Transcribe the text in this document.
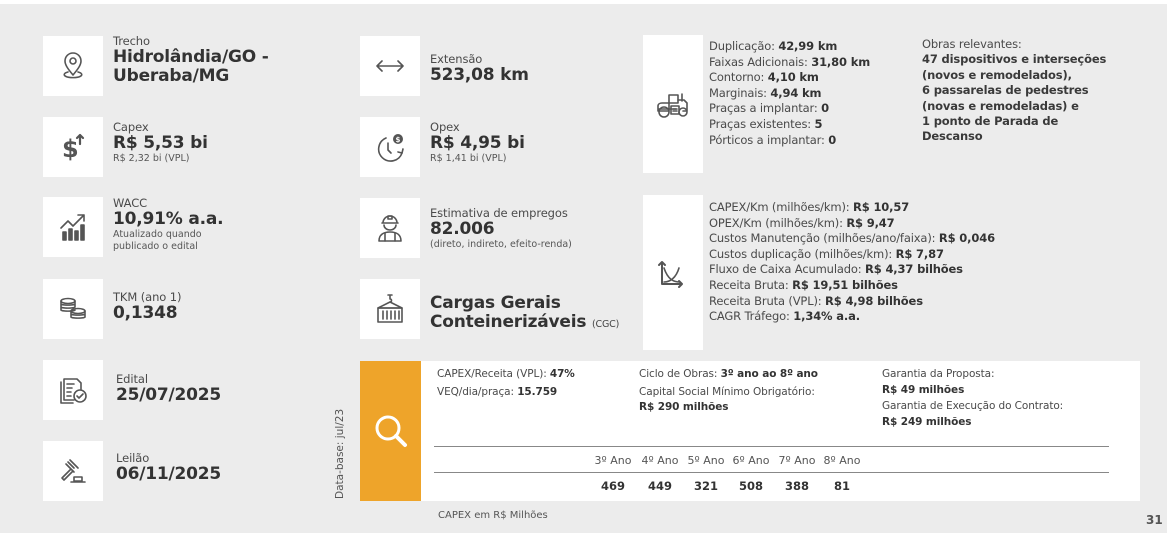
Trecho
Hidrolândia/GO -
Uberaba/MG
$
Capex
R$ 5,53 bi
R$ 2,32 bi (VPL)
WACC
10,91% a.a.
Atualizado quando
publicado o edital
TKM (ano 1)
0,1348
Edital
25/07/2025
Leilão
06/11/2025
Extensão
523,08 km
$
Opex
R$ 4,95 bi
R$ 1,41 bi (VPL)
Estimativa de empregos
82.006
(direto, indireto, efeito-renda)
Cargas Gerais
Conteinerizáveis (CGC)
Duplicação: 42,99 km
Faixas Adicionais: 31,80 km
Contorno: 4,10 km
Marginais: 4,94 km
Praças a implantar: 0
Praças existentes: 5
Pórticos a implantar: 0
Obras relevantes:
47 dispositivos e interseções
(novos e remodelados),
6 passarelas de pedestres
(novas e remodeladas) e
1 ponto de Parada de
Descanso
CAPEX/Km (milhões/km): R$ 10,57
OPEX/Km (milhões/km): R$ 9,47
Custos Manutenção (milhões/ano/faixa): R$ 0,046
Custos duplicação (milhões/km): R$ 7,87
Fluxo de Caixa Acumulado: R$ 4,37 bilhões
Receita Bruta: R$ 19,51 bilhões
Receita Bruta (VPL): R$ 4,98 bilhões
CAGR Tráfego: 1,34% a.a.
Data-base: jul/23
CAPEX/Receita (VPL): 47%
VEQ/dia/praça: 15.759
Ciclo de Obras: 3º ano ao 8º ano
Capital Social Mínimo Obrigatório:
R$ 290 milhões
Garantia da Proposta:
R$ 49 milhões
Garantia de Execução do Contrato:
R$ 249 milhões
3º Ano 4º Ano 5º Ano 6º Ano 7º Ano 8º Ano
469	449	321	508	388	81
CAPEX em R$ Milhões	31
